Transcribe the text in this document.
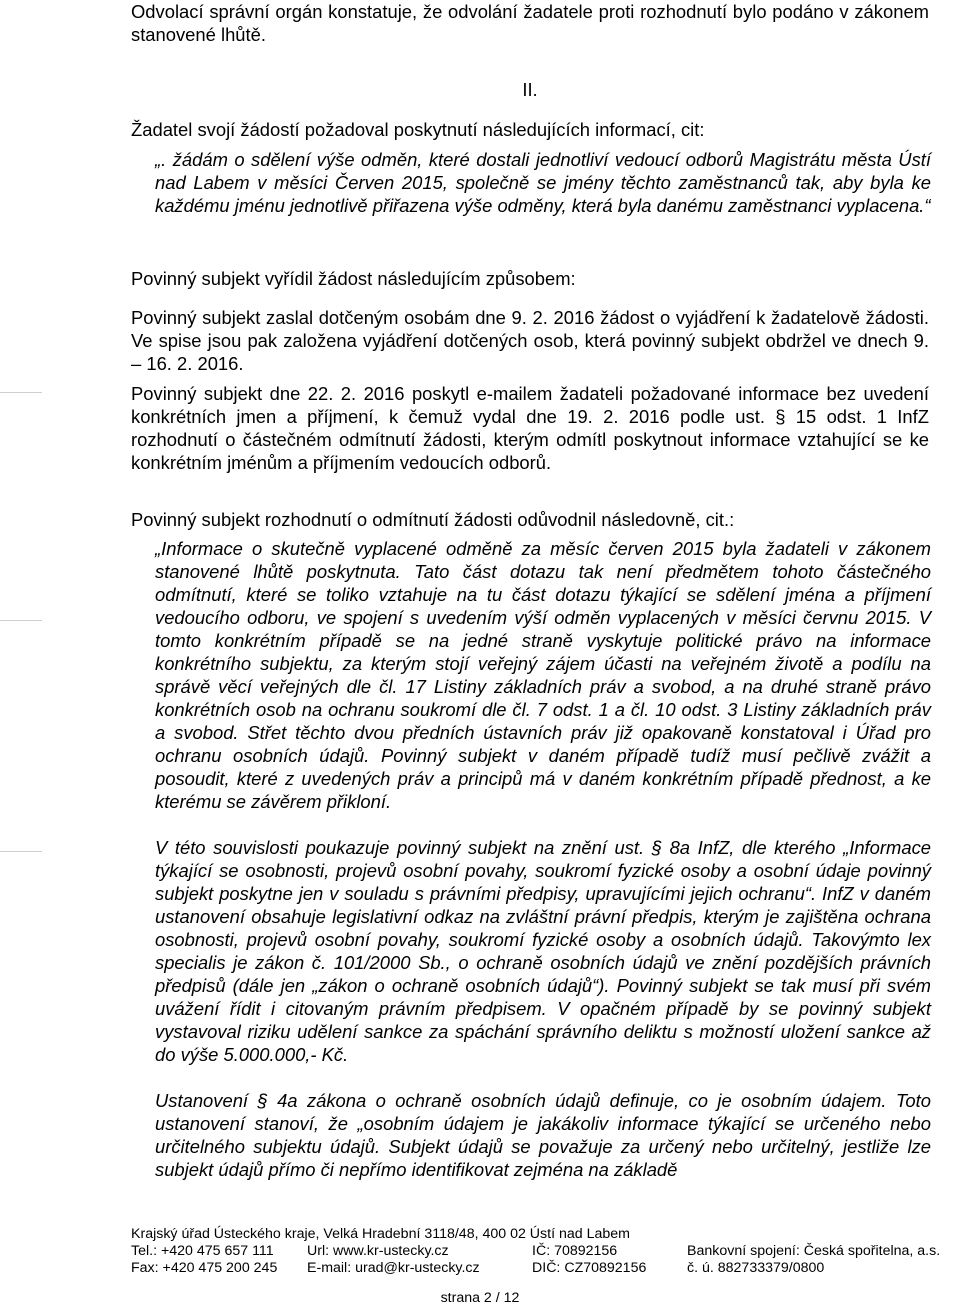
Odvolací správní orgán konstatuje, že odvolání žadatele proti rozhodnutí bylo podáno v zákonem stanovené lhůtě.

II.

Žadatel svojí žádostí požadoval poskytnutí následujících informací, cit:

„. žádám o sdělení výše odměn, které dostali jednotliví vedoucí odborů Magistrátu města Ústí nad Labem v měsíci Červen 2015, společně se jmény těchto zaměstnanců tak, aby byla ke každému jménu jednotlivě přiřazena výše odměny, která byla danému zaměstnanci vyplacena.“

Povinný subjekt vyřídil žádost následujícím způsobem:

Povinný subjekt zaslal dotčeným osobám dne 9. 2. 2016 žádost o vyjádření k žadatelově žádosti. Ve spise jsou pak založena vyjádření dotčených osob, která povinný subjekt obdržel ve dnech 9. – 16. 2. 2016.

Povinný subjekt dne 22. 2. 2016 poskytl e-mailem žadateli požadované informace bez uvedení konkrétních jmen a příjmení, k čemuž vydal dne 19. 2. 2016 podle ust. § 15 odst. 1 InfZ rozhodnutí o částečném odmítnutí žádosti, kterým odmítl poskytnout informace vztahující se ke konkrétním jménům a příjmením vedoucích odborů.

Povinný subjekt rozhodnutí o odmítnutí žádosti odůvodnil následovně, cit.:

„Informace o skutečně vyplacené odměně za měsíc červen 2015 byla žadateli v zákonem stanovené lhůtě poskytnuta. Tato část dotazu tak není předmětem tohoto částečného odmítnutí, které se toliko vztahuje na tu část dotazu týkající se sdělení jména a příjmení vedoucího odboru, ve spojení s uvedením výší odměn vyplacených v měsíci červnu 2015. V tomto konkrétním případě se na jedné straně vyskytuje politické právo na informace konkrétního subjektu, za kterým stojí veřejný zájem účasti na veřejném životě a podílu na správě věcí veřejných dle čl. 17 Listiny základních práv a svobod, a na druhé straně právo konkrétních osob na ochranu soukromí dle čl. 7 odst. 1 a čl. 10 odst. 3 Listiny základních práv a svobod. Střet těchto dvou předních ústavních práv již opakovaně konstatoval i Úřad pro ochranu osobních údajů. Povinný subjekt v daném případě tudíž musí pečlivě zvážit a posoudit, které z uvedených práv a principů má v daném konkrétním případě přednost, a ke kterému se závěrem přikloní.

V této souvislosti poukazuje povinný subjekt na znění ust. § 8a InfZ, dle kterého „Informace týkající se osobnosti, projevů osobní povahy, soukromí fyzické osoby a osobní údaje povinný subjekt poskytne jen v souladu s právními předpisy, upravujícími jejich ochranu“. InfZ v daném ustanovení obsahuje legislativní odkaz na zvláštní právní předpis, kterým je zajištěna ochrana osobnosti, projevů osobní povahy, soukromí fyzické osoby a osobních údajů. Takovýmto lex specialis je zákon č. 101/2000 Sb., o ochraně osobních údajů ve znění pozdějších právních předpisů (dále jen „zákon o ochraně osobních údajů“). Povinný subjekt se tak musí při svém uvážení řídit i citovaným právním předpisem. V opačném případě by se povinný subjekt vystavoval riziku udělení sankce za spáchání správního deliktu s možností uložení sankce až do výše 5.000.000,- Kč.

Ustanovení § 4a zákona o ochraně osobních údajů definuje, co je osobním údajem. Toto ustanovení stanoví, že „osobním údajem je jakákoliv informace týkající se určeného nebo určitelného subjektu údajů. Subjekt údajů se považuje za určený nebo určitelný, jestliže lze subjekt údajů přímo či nepřímo identifikovat zejména na základě

Krajský úřad Ústeckého kraje, Velká Hradební 3118/48, 400 02 Ústí nad Labem
Tel.: +420 475 657 111	Url: www.kr-ustecky.cz	IČ: 70892156	Bankovní spojení: Česká spořitelna, a.s.
Fax: +420 475 200 245	E-mail: urad@kr-ustecky.cz	DIČ: CZ70892156	č. ú. 882733379/0800
strana 2 / 12
